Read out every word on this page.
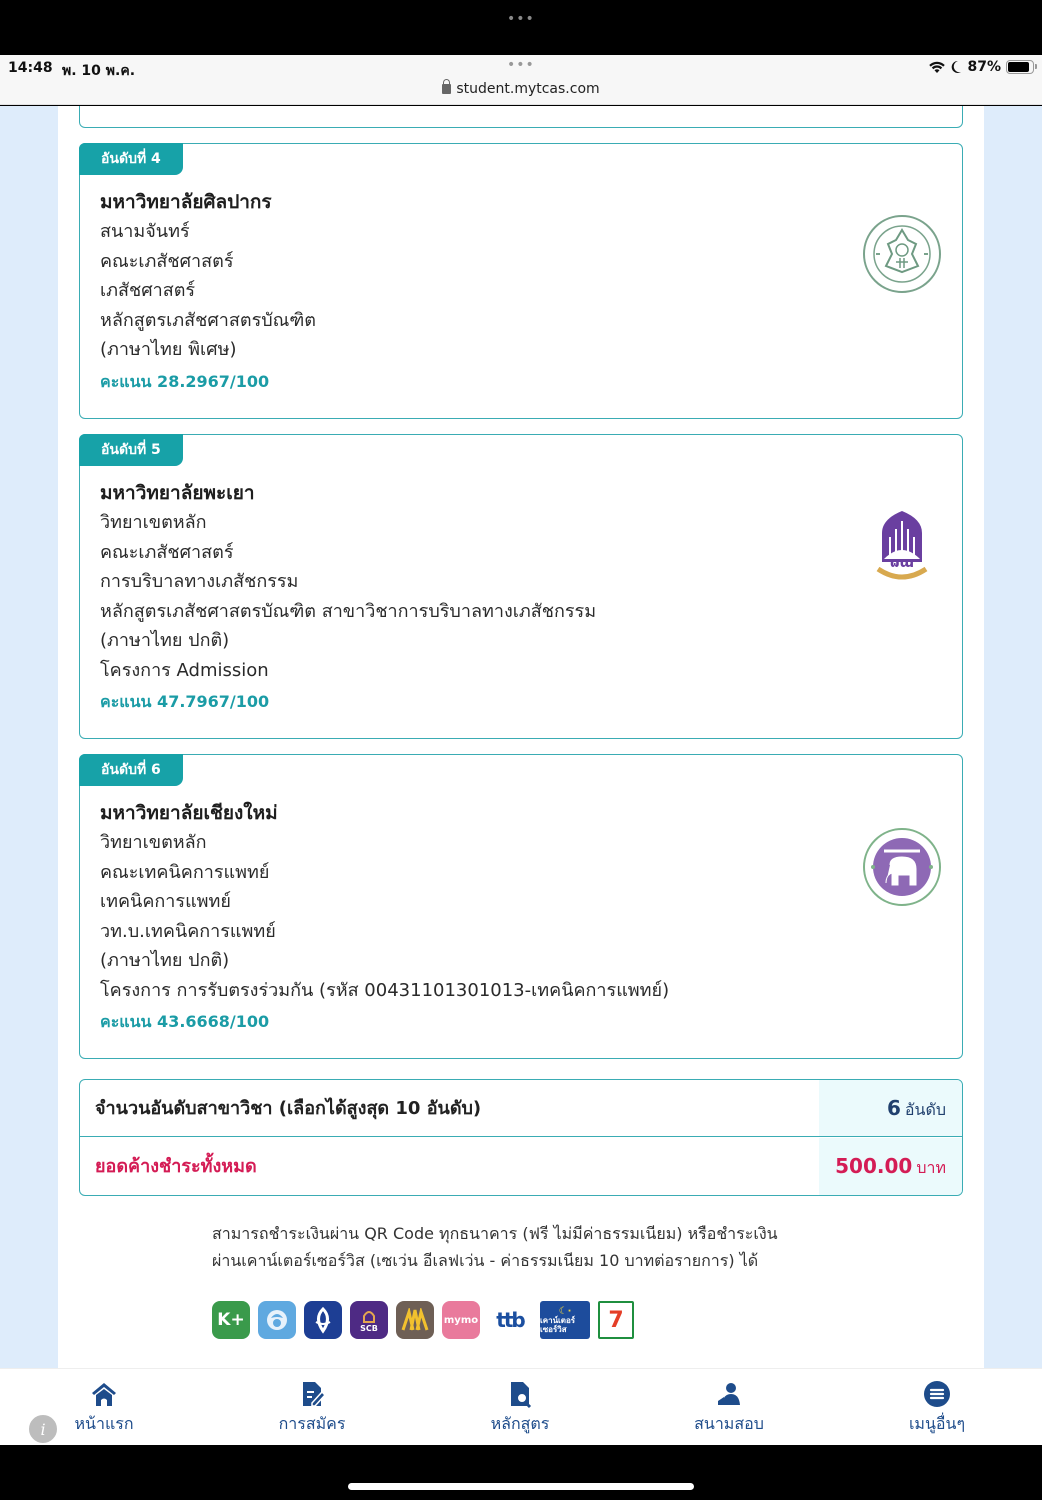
•••
14:48 พ. 10 พ.ค.	•••	87%
student.mytcas.com
อันดับที่ 4
มหาวิทยาลัยศิลปากร
สนามจันทร์
คณะเภสัชศาสตร์
เภสัชศาสตร์
หลักสูตรเภสัชศาสตรบัณฑิต
(ภาษาไทย พิเศษ)
คะแนน 28.2967/100
อันดับที่ 5
มหาวิทยาลัยพะเยา
วิทยาเขตหลัก
คณะเภสัชศาสตร์
การบริบาลทางเภสัชกรรม
หลักสูตรเภสัชศาสตรบัณฑิต สาขาวิชาการบริบาลทางเภสัชกรรม
(ภาษาไทย ปกติ)
โครงการ Admission
คะแนน 47.7967/100
ɷɯ
อันดับที่ 6
มหาวิทยาลัยเชียงใหม่
วิทยาเขตหลัก
คณะเทคนิคการแพทย์
เทคนิคการแพทย์
วท.บ.เทคนิคการแพทย์
(ภาษาไทย ปกติ)
โครงการ การรับตรงร่วมกัน (รหัส 00431101301013-เทคนิคการแพทย์)
คะแนน 43.6668/100
จำนวนอันดับสาขาวิชา (เลือกได้สูงสุด 10 อันดับ)	6 อันดับ
ยอดค้างชำระทั้งหมด	500.00 บาท
สามารถชำระเงินผ่าน QR Code ทุกธนาคาร (ฟรี ไม่มีค่าธรรมเนียม) หรือชำระเงิน
ผ่านเคาน์เตอร์เซอร์วิส (เซเว่น อีเลฟเว่น - ค่าธรรมเนียม 10 บาทต่อรายการ) ได้
K+	SCB
mymo ttb	☾·
เคาน์เตอร์เซอร์วิส	7
หน้าแรก	การสมัคร	หลักสูตร	สนามสอบ	เมนูอื่นๆ
i
